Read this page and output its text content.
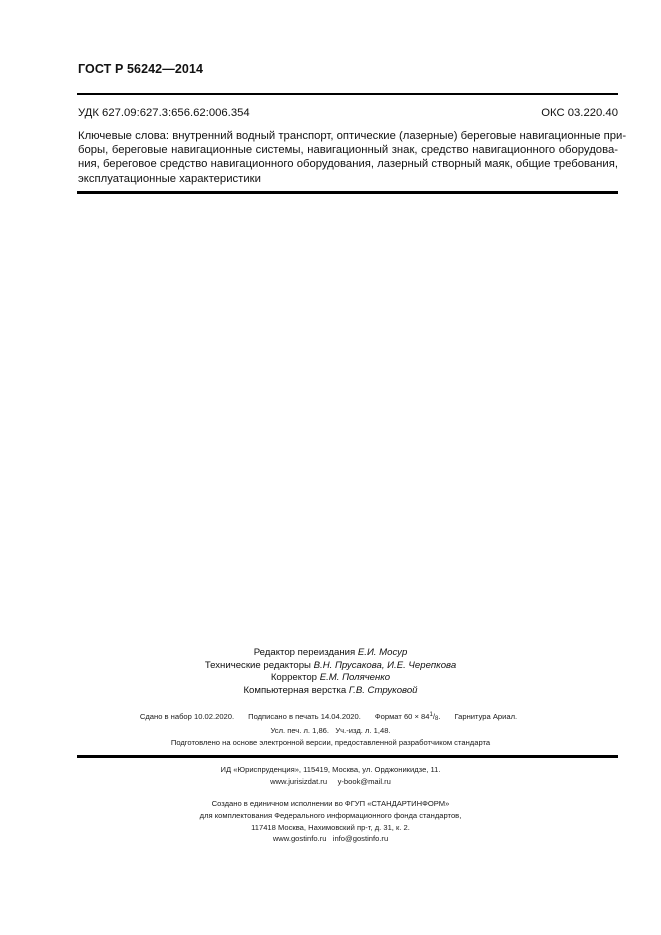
ГОСТ Р 56242—2014
УДК 627.09:627.3:656.62:006.354	ОКС 03.220.40
Ключевые слова: внутренний водный транспорт, оптические (лазерные) береговые навигационные при-
боры, береговые навигационные системы, навигационный знак, средство навигационного оборудова-
ния, береговое средство навигационного оборудования, лазерный створный маяк, общие требования,
эксплуатационные характеристики
Редактор переиздания Е.И. Мосур
Технические редакторы В.Н. Прусакова, И.Е. Черепкова
Корректор Е.М. Поляченко
Компьютерная верстка Г.В. Струковой
Сдано в набор 10.02.2020. Подписано в печать 14.04.2020. Формат $60 \times 84^1/_8$. Гарнитура Ариал.
Усл. печ. л. 1,86. Уч.-изд. л. 1,48.
Подготовлено на основе электронной версии, предоставленной разработчиком стандарта
ИД «Юриспруденция», 115419, Москва, ул. Орджоникидзе, 11.
www.jurisizdat.ru y-book@mail.ru
Создано в единичном исполнении во ФГУП «СТАНДАРТИНФОРМ»
для комплектования Федерального информационного фонда стандартов,
117418 Москва, Нахимовский пр-т, д. 31, к. 2.
www.gostinfo.ru info@gostinfo.ru
